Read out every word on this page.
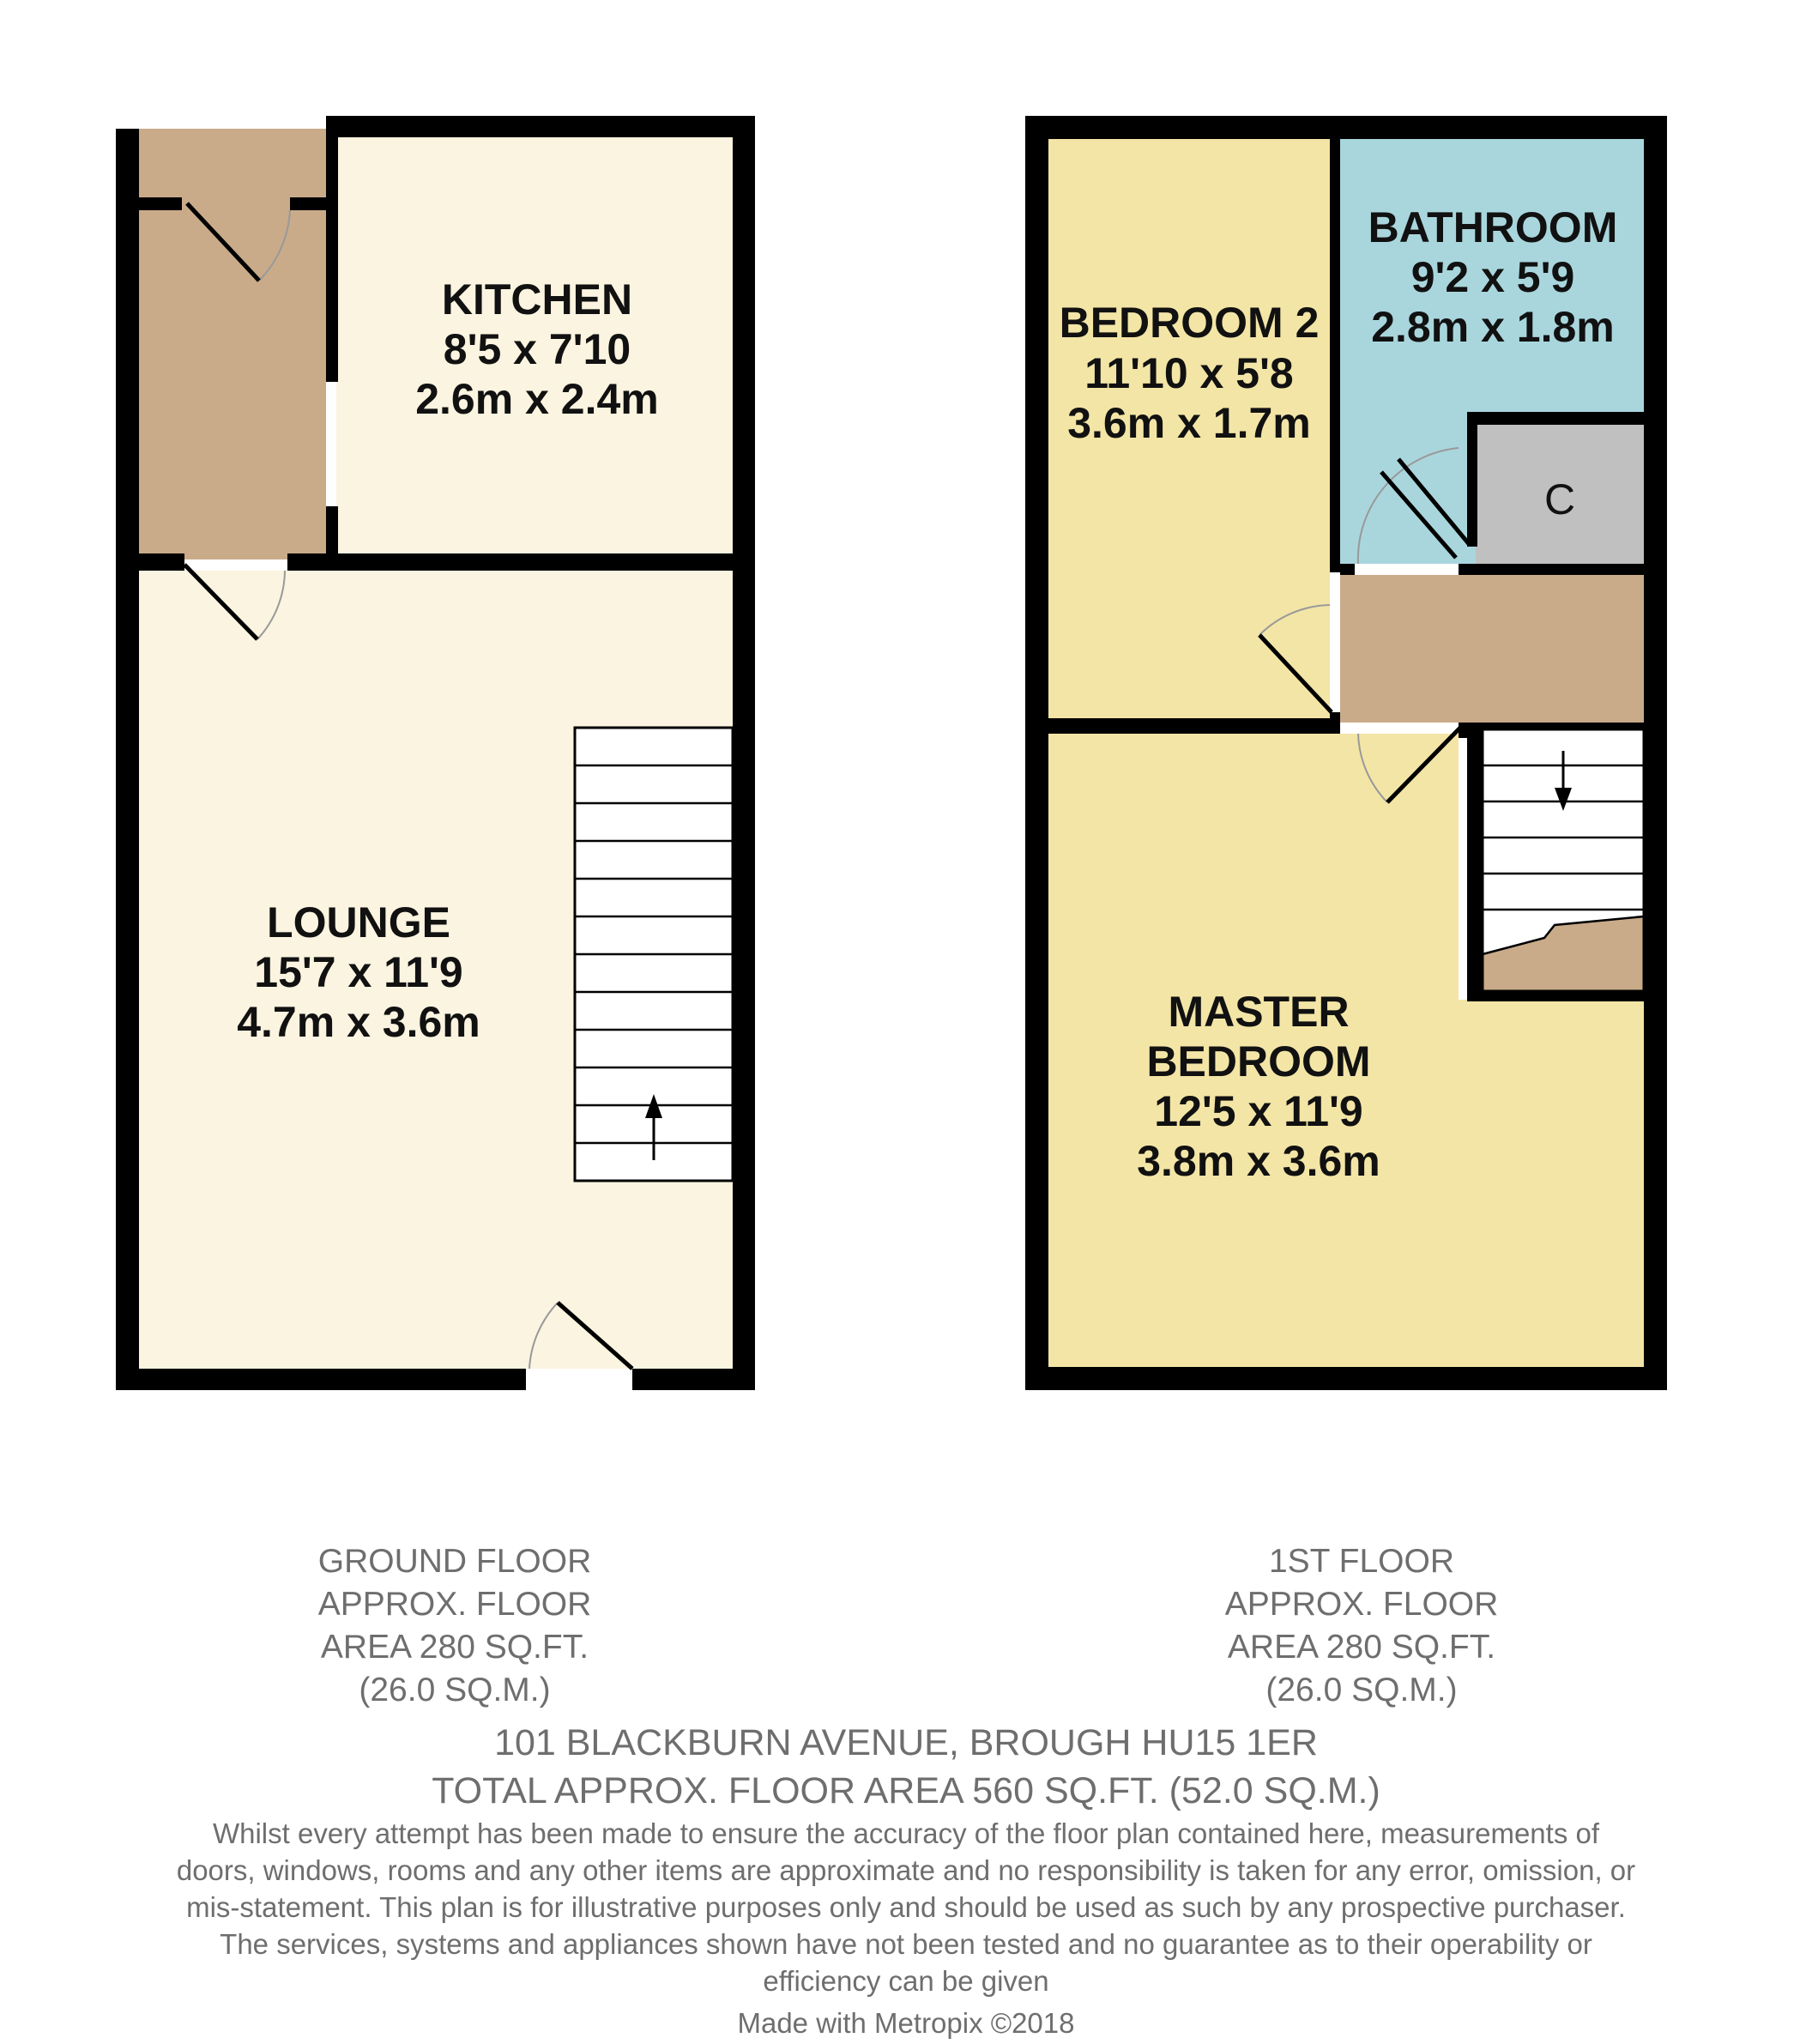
KITCHEN
8'5 x 7'10
2.6m x 2.4m
LOUNGE
15'7 x 11'9
4.7m x 3.6m
BEDROOM 2
11'10 x 5'8
3.6m x 1.7m
BATHROOM
9'2 x 5'9
2.8m x 1.8m
C
MASTER
BEDROOM
12'5 x 11'9
3.8m x 3.6m
GROUND FLOOR
APPROX. FLOOR
AREA 280 SQ.FT.
(26.0 SQ.M.)
1ST FLOOR
APPROX. FLOOR
AREA 280 SQ.FT.
(26.0 SQ.M.)
101 BLACKBURN AVENUE, BROUGH HU15 1ER
TOTAL APPROX. FLOOR AREA 560 SQ.FT. (52.0 SQ.M.)

Whilst every attempt has been made to ensure the accuracy of the floor plan contained here, measurements of doors, windows, rooms and any other items are approximate and no responsibility is taken for any error, omission, or mis-statement. This plan is for illustrative purposes only and should be used as such by any prospective purchaser. The services, systems and appliances shown have not been tested and no guarantee as to their operability or efficiency can be given

Made with Metropix ©2018
